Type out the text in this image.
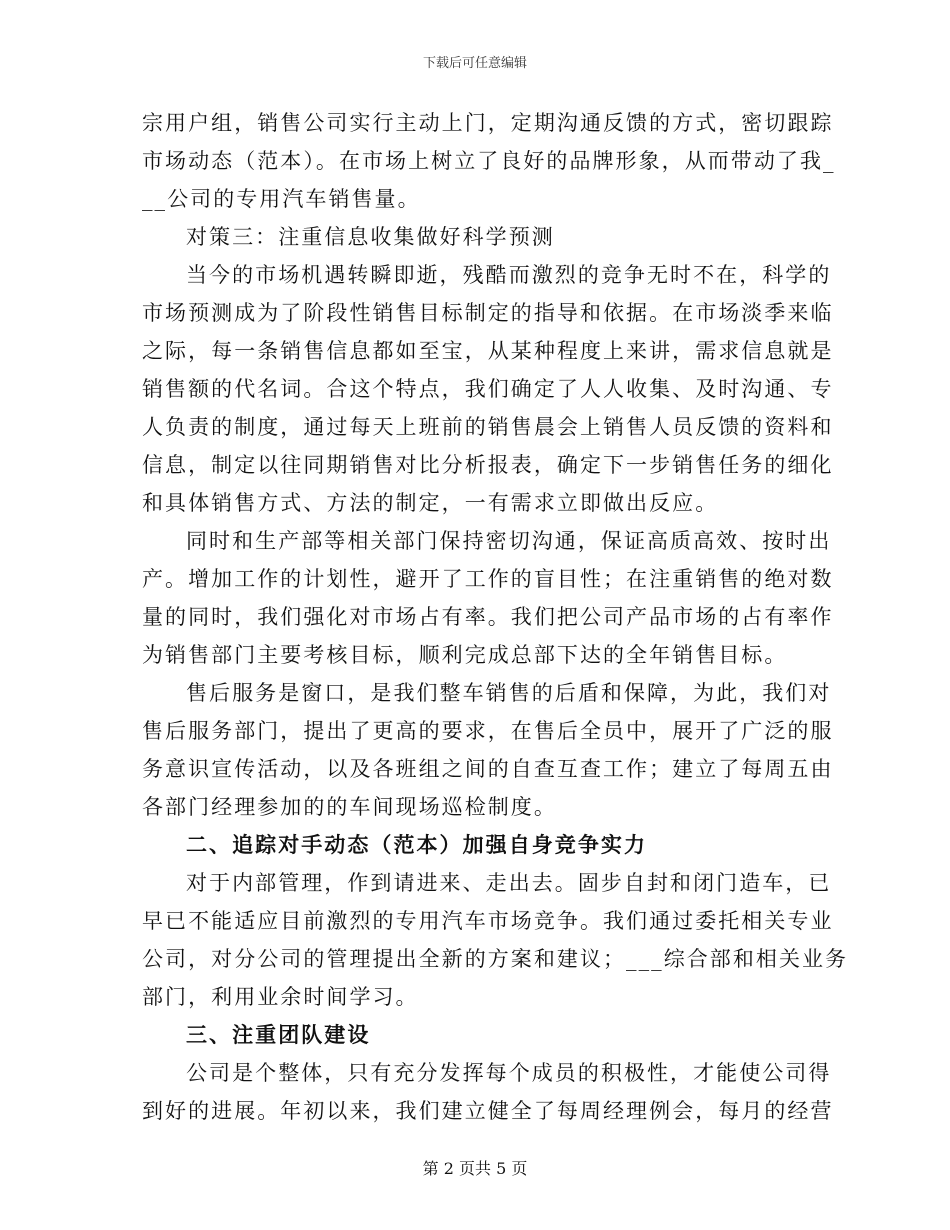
下载后可任意编辑
宗用户组，销售公司实行主动上门，定期沟通反馈的方式，密切跟踪
市场动态（范本）。在市场上树立了良好的品牌形象，从而带动了我_
__公司的专用汽车销售量。
对策三：注重信息收集做好科学预测
当今的市场机遇转瞬即逝，残酷而激烈的竞争无时不在，科学的
市场预测成为了阶段性销售目标制定的指导和依据。在市场淡季来临
之际，每一条销售信息都如至宝，从某种程度上来讲，需求信息就是
销售额的代名词。合这个特点，我们确定了人人收集、及时沟通、专
人负责的制度，通过每天上班前的销售晨会上销售人员反馈的资料和
信息，制定以往同期销售对比分析报表，确定下一步销售任务的细化
和具体销售方式、方法的制定，一有需求立即做出反应。
同时和生产部等相关部门保持密切沟通，保证高质高效、按时出
产。增加工作的计划性，避开了工作的盲目性；在注重销售的绝对数
量的同时，我们强化对市场占有率。我们把公司产品市场的占有率作
为销售部门主要考核目标，顺利完成总部下达的全年销售目标。
售后服务是窗口，是我们整车销售的后盾和保障，为此，我们对
售后服务部门，提出了更高的要求，在售后全员中，展开了广泛的服
务意识宣传活动，以及各班组之间的自查互查工作；建立了每周五由
各部门经理参加的的车间现场巡检制度。
二、追踪对手动态（范本）加强自身竞争实力
对于内部管理，作到请进来、走出去。固步自封和闭门造车，已
早已不能适应目前激烈的专用汽车市场竞争。我们通过委托相关专业
公司，对分公司的管理提出全新的方案和建议；___综合部和相关业务
部门，利用业余时间学习。
三、注重团队建设
公司是个整体，只有充分发挥每个成员的积极性，才能使公司得
到好的进展。年初以来，我们建立健全了每周经理例会，每月的经营
第 2 页共 5 页
